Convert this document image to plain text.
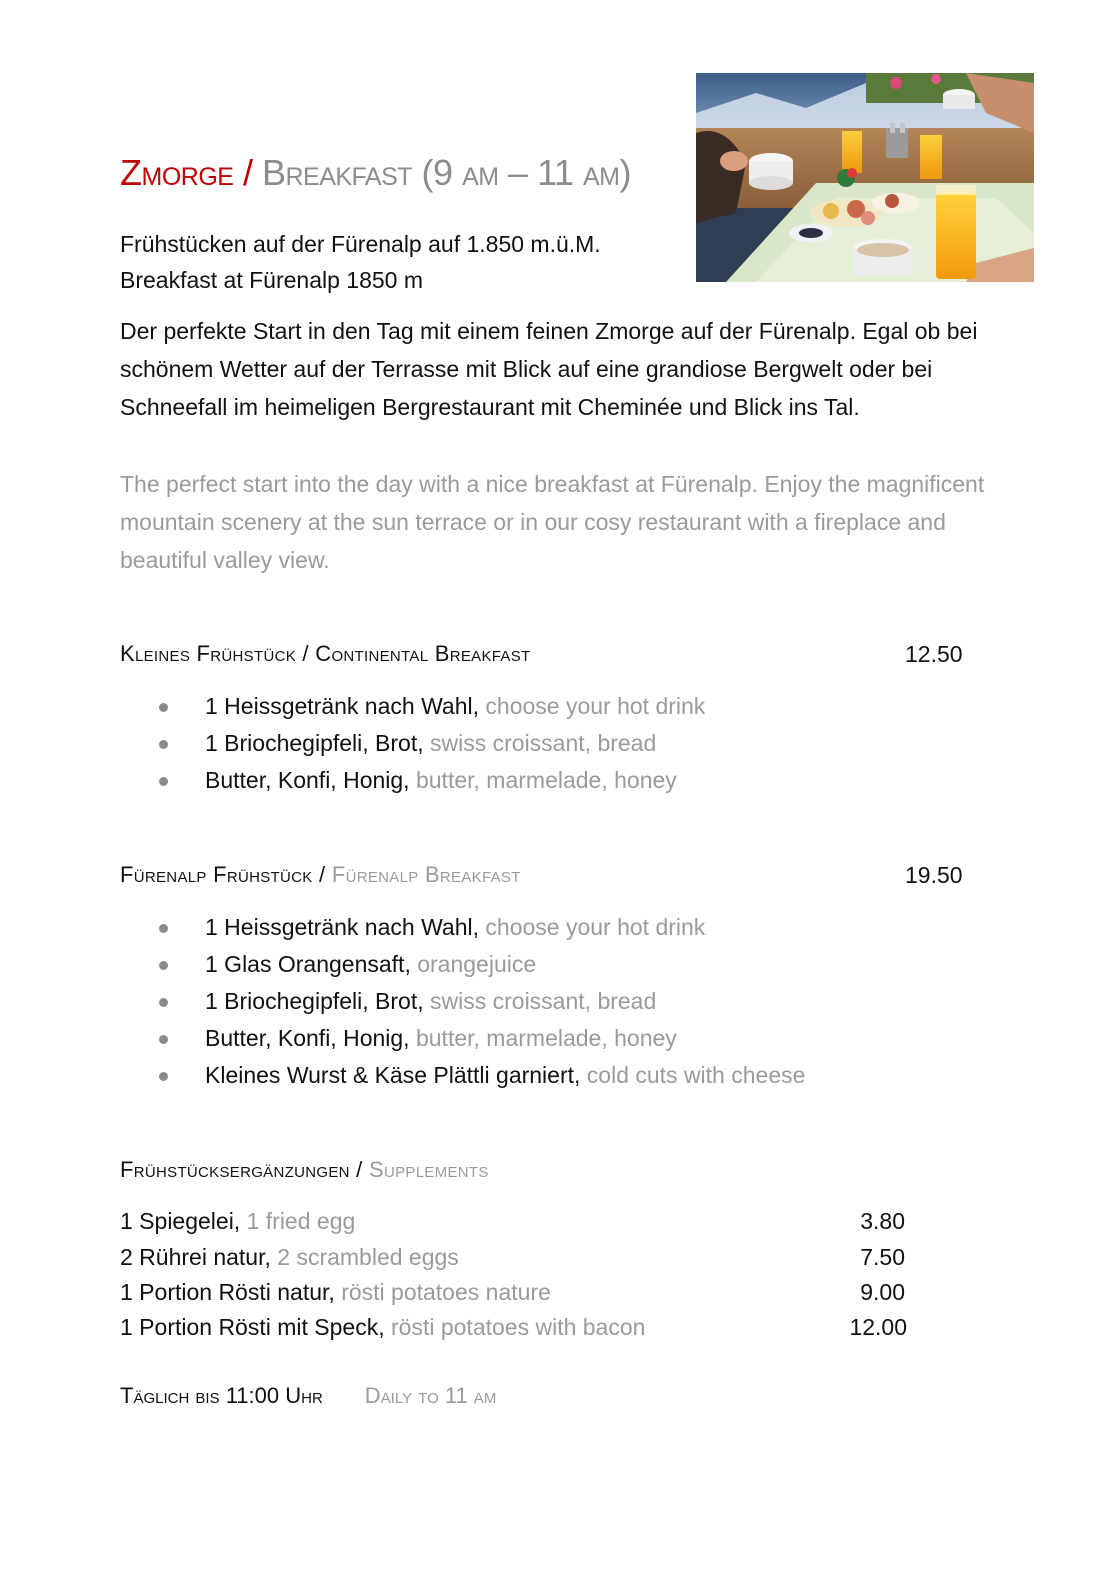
Zmorge / Breakfast (9 am – 11 am)
Frühstücken auf der Fürenalp auf 1.850 m.ü.M.
Breakfast at Fürenalp 1850 m
Der perfekte Start in den Tag mit einem feinen Zmorge auf der Fürenalp. Egal ob bei schönem Wetter auf der Terrasse mit Blick auf eine grandiose Bergwelt oder bei Schneefall im heimeligen Bergrestaurant mit Cheminée und Blick ins Tal.
The perfect start into the day with a nice breakfast at Fürenalp. Enjoy the magnificent mountain scenery at the sun terrace or in our cosy restaurant with a fireplace and beautiful valley view.
Kleines Frühstück / Continental Breakfast	12.50
1 Heissgetränk nach Wahl, choose your hot drink
1 Briochegipfeli, Brot, swiss croissant, bread
Butter, Konfi, Honig, butter, marmelade, honey
Fürenalp Frühstück / Fürenalp Breakfast	19.50
1 Heissgetränk nach Wahl, choose your hot drink
1 Glas Orangensaft, orangejuice
1 Briochegipfeli, Brot, swiss croissant, bread
Butter, Konfi, Honig, butter, marmelade, honey
Kleines Wurst & Käse Plättli garniert, cold cuts with cheese
Frühstücksergänzungen / Supplements
1 Spiegelei, 1 fried egg	3.80
2 Rührei natur, 2 scrambled eggs	7.50
1 Portion Rösti natur, rösti potatoes nature	9.00
1 Portion Rösti mit Speck, rösti potatoes with bacon	12.00
Täglich bis 11:00 Uhr Daily to 11 am
